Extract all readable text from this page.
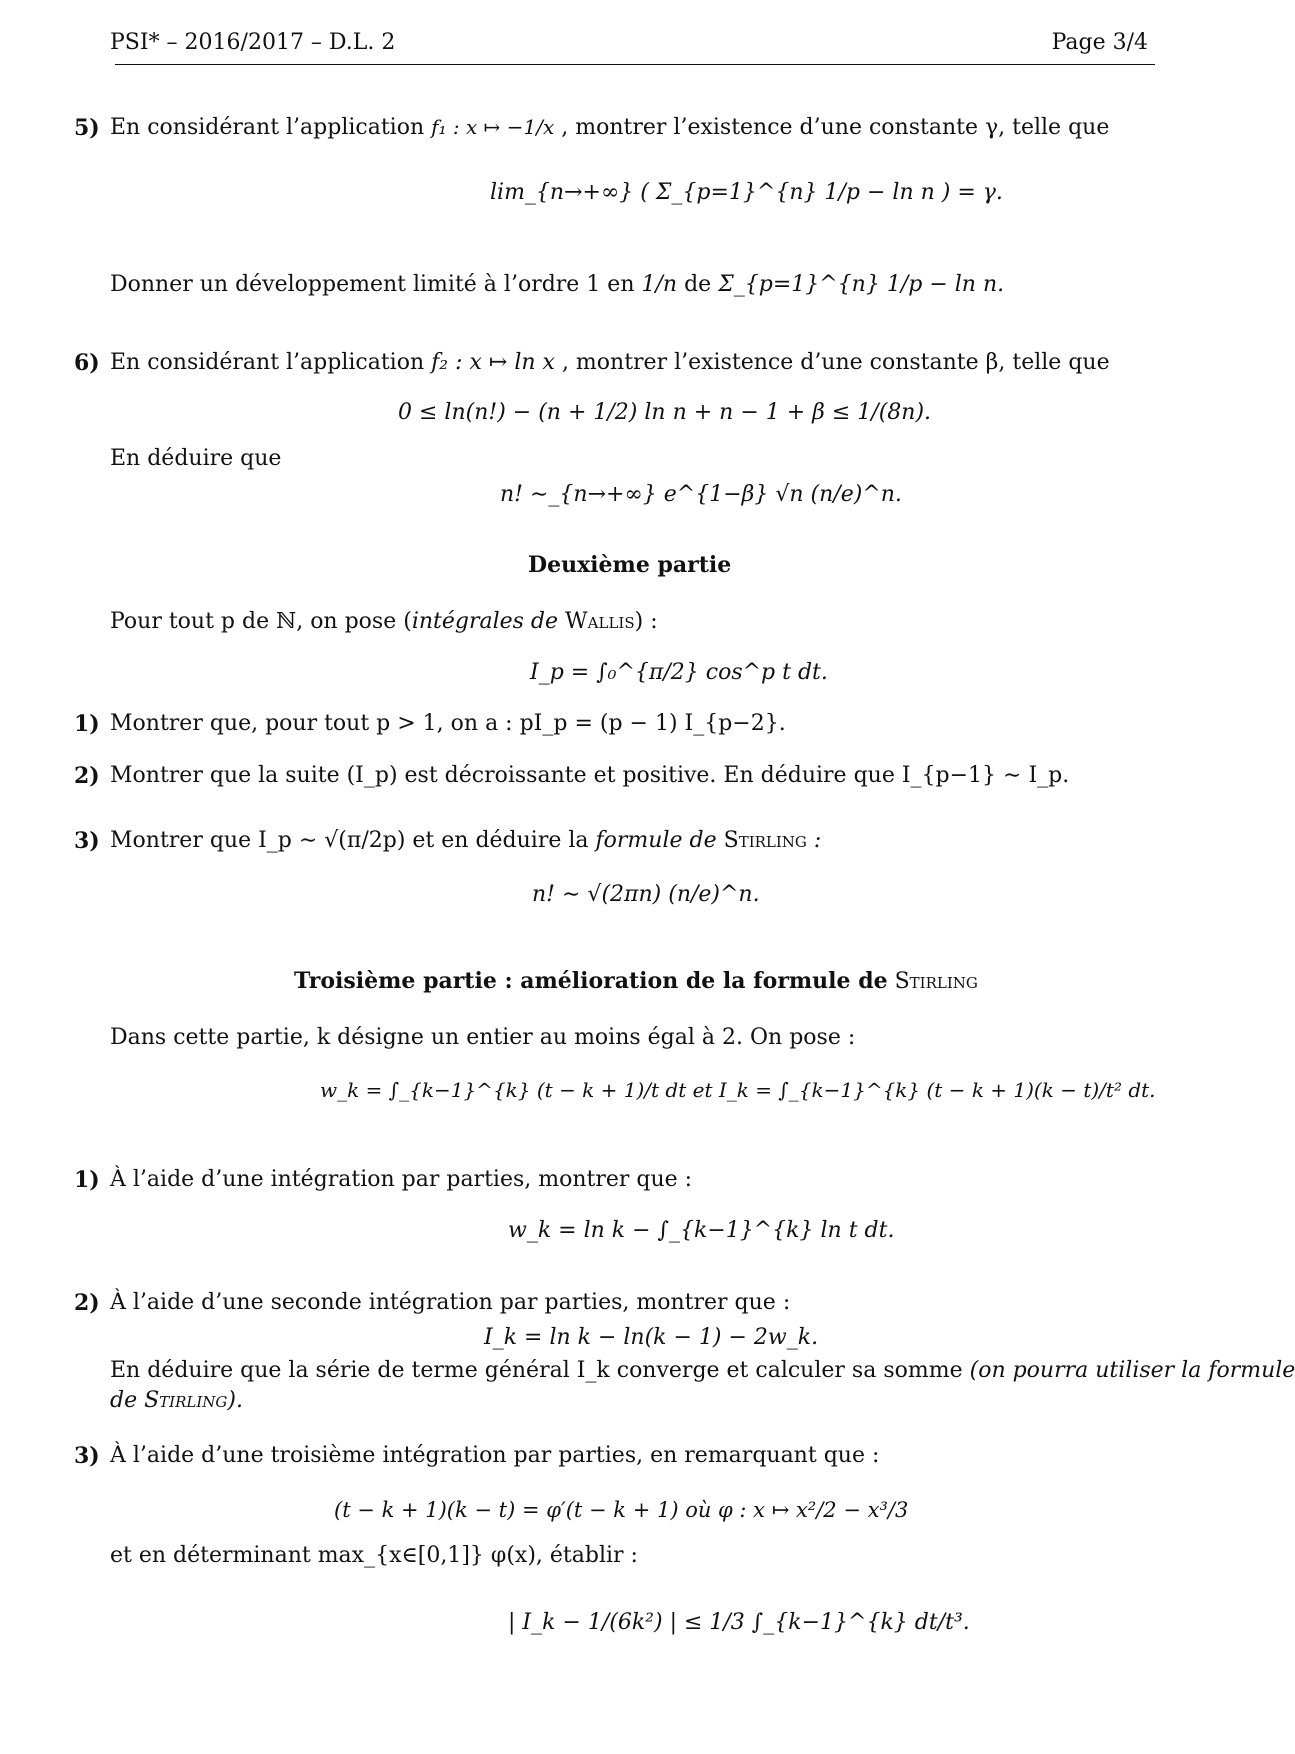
PSI* – 2016/2017 – D.L. 2	Page 3/4
5) En considérant l’application f₁ : x ↦ −1/x , montrer l’existence d’une constante γ, telle que
lim_{n→+∞} ( Σ_{p=1}^{n} 1/p − ln n ) = γ.
Donner un développement limité à l’ordre 1 en 1/n de Σ_{p=1}^{n} 1/p − ln n.
6) En considérant l’application f₂ : x ↦ ln x , montrer l’existence d’une constante β, telle que
0 ≤ ln(n!) − (n + 1/2) ln n + n − 1 + β ≤ 1/(8n).
En déduire que
n! ∼_{n→+∞} e^{1−β} √n (n/e)^n.
Deuxième partie
Pour tout p de ℕ, on pose (intégrales de Wallis) :
I_p = ∫₀^{π/2} cos^p t dt.
1) Montrer que, pour tout p > 1, on a : pI_p = (p − 1) I_{p−2}.
2) Montrer que la suite (I_p) est décroissante et positive. En déduire que I_{p−1} ∼ I_p.
3) Montrer que I_p ∼ √(π/2p) et en déduire la formule de Stirling :
n! ∼ √(2πn) (n/e)^n.
Troisième partie : amélioration de la formule de Stirling
Dans cette partie, k désigne un entier au moins égal à 2. On pose :
w_k = ∫_{k−1}^{k} (t − k + 1)/t dt et I_k = ∫_{k−1}^{k} (t − k + 1)(k − t)/t² dt.
1) À l’aide d’une intégration par parties, montrer que :
w_k = ln k − ∫_{k−1}^{k} ln t dt.
2) À l’aide d’une seconde intégration par parties, montrer que :
I_k = ln k − ln(k − 1) − 2w_k.
En déduire que la série de terme général I_k converge et calculer sa somme (on pourra utiliser la formule
de Stirling).
3) À l’aide d’une troisième intégration par parties, en remarquant que :
(t − k + 1)(k − t) = φ′(t − k + 1) où φ : x ↦ x²/2 − x³/3
et en déterminant max_{x∈[0,1]} φ(x), établir :
| I_k − 1/(6k²) | ≤ 1/3 ∫_{k−1}^{k} dt/t³.
